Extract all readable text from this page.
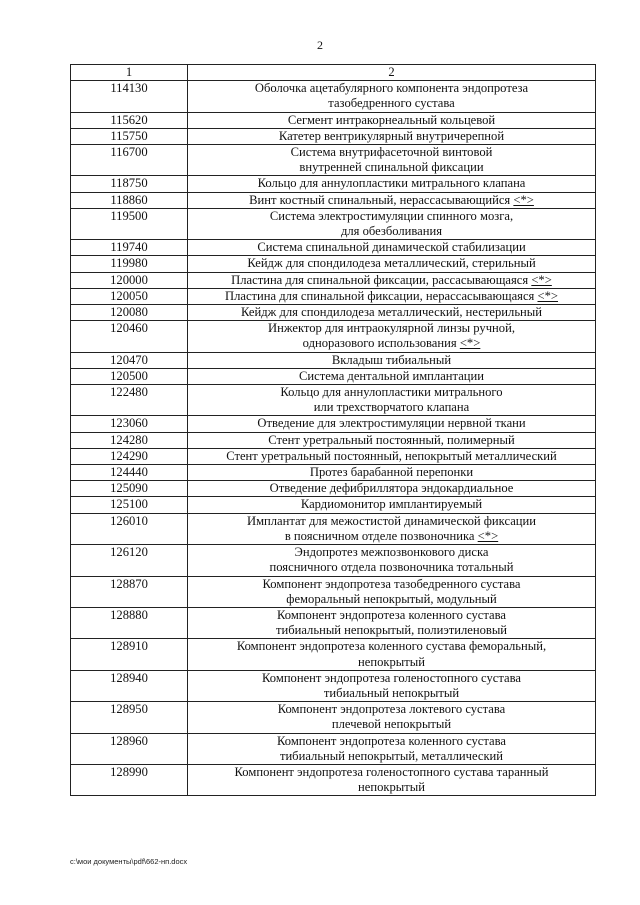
2
1	2
114130	Оболочка ацетабулярного компонента эндопротеза
тазобедренного сустава
115620	Сегмент интракорнеальный кольцевой
115750	Катетер вентрикулярный внутричерепной
116700	Система внутрифасеточной винтовой
внутренней спинальной фиксации
118750	Кольцо для аннулопластики митрального клапана
118860	Винт костный спинальный, нерассасывающийся <*>
119500	Система электростимуляции спинного мозга,
для обезболивания
119740	Система спинальной динамической стабилизации
119980	Кейдж для спондилодеза металлический, стерильный
120000	Пластина для спинальной фиксации, рассасывающаяся <*>
120050	Пластина для спинальной фиксации, нерассасывающаяся <*>
120080	Кейдж для спондилодеза металлический, нестерильный
120460	Инжектор для интраокулярной линзы ручной,
одноразового использования <*>
120470	Вкладыш тибиальный
120500	Система дентальной имплантации
122480	Кольцо для аннулопластики митрального
или трехстворчатого клапана
123060	Отведение для электростимуляции нервной ткани
124280	Стент уретральный постоянный, полимерный
124290	Стент уретральный постоянный, непокрытый металлический
124440	Протез барабанной перепонки
125090	Отведение дефибриллятора эндокардиальное
125100	Кардиомонитор имплантируемый
126010	Имплантат для межостистой динамической фиксации
в поясничном отделе позвоночника <*>
126120	Эндопротез межпозвонкового диска
поясничного отдела позвоночника тотальный
128870	Компонент эндопротеза тазобедренного сустава
феморальный непокрытый, модульный
128880	Компонент эндопротеза коленного сустава
тибиальный непокрытый, полиэтиленовый
128910	Компонент эндопротеза коленного сустава феморальный,
непокрытый
128940	Компонент эндопротеза голеностопного сустава
тибиальный непокрытый
128950	Компонент эндопротеза локтевого сустава
плечевой непокрытый
128960	Компонент эндопротеза коленного сустава
тибиальный непокрытый, металлический
128990	Компонент эндопротеза голеностопного сустава таранный
непокрытый
c:\мои документы\pdf\662-нп.docx
